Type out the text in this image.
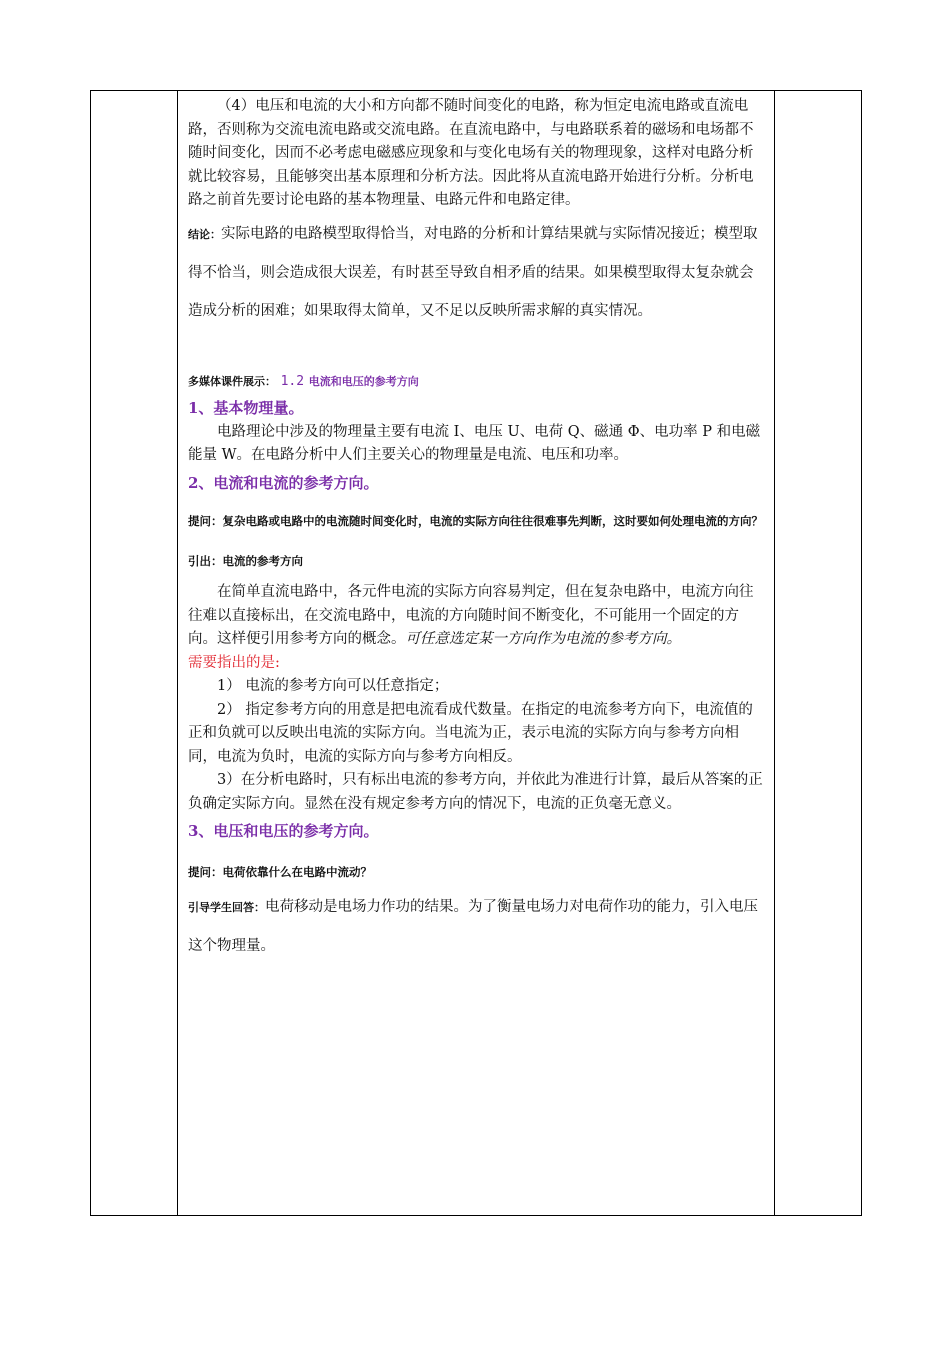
（4）电压和电流的大小和方向都不随时间变化的电路，称为恒定电流电路或直流电路，否则称为交流电流电路或交流电路。在直流电路中，与电路联系着的磁场和电场都不随时间变化，因而不必考虑电磁感应现象和与变化电场有关的物理现象，这样对电路分析就比较容易，且能够突出基本原理和分析方法。因此将从直流电路开始进行分析。分析电路之前首先要讨论电路的基本物理量、电路元件和电路定律。

结论：实际电路的电路模型取得恰当，对电路的分析和计算结果就与实际情况接近；模型取得不恰当，则会造成很大误差，有时甚至导致自相矛盾的结果。如果模型取得太复杂就会造成分析的困难；如果取得太简单，又不足以反映所需求解的真实情况。

多媒体课件展示： 1.2 电流和电压的参考方向

1、基本物理量。

电路理论中涉及的物理量主要有电流 I、电压 U、电荷 Q、磁通 Φ、电功率 P 和电磁能量 W。在电路分析中人们主要关心的物理量是电流、电压和功率。

2、电流和电流的参考方向。

提问：复杂电路或电路中的电流随时间变化时，电流的实际方向往往很难事先判断，这时要如何处理电流的方向？

引出：电流的参考方向

在简单直流电路中，各元件电流的实际方向容易判定，但在复杂电路中，电流方向往往难以直接标出，在交流电路中，电流的方向随时间不断变化，不可能用一个固定的方向。这样便引用参考方向的概念。可任意选定某一方向作为电流的参考方向。

需要指出的是:

1） 电流的参考方向可以任意指定；

2） 指定参考方向的用意是把电流看成代数量。在指定的电流参考方向下，电流值的正和负就可以反映出电流的实际方向。当电流为正，表示电流的实际方向与参考方向相同，电流为负时，电流的实际方向与参考方向相反。

3）在分析电路时，只有标出电流的参考方向，并依此为准进行计算，最后从答案的正负确定实际方向。显然在没有规定参考方向的情况下，电流的正负毫无意义。

3、电压和电压的参考方向。

提问：电荷依靠什么在电路中流动？

引导学生回答：电荷移动是电场力作功的结果。为了衡量电场力对电荷作功的能力，引入电压这个物理量。
